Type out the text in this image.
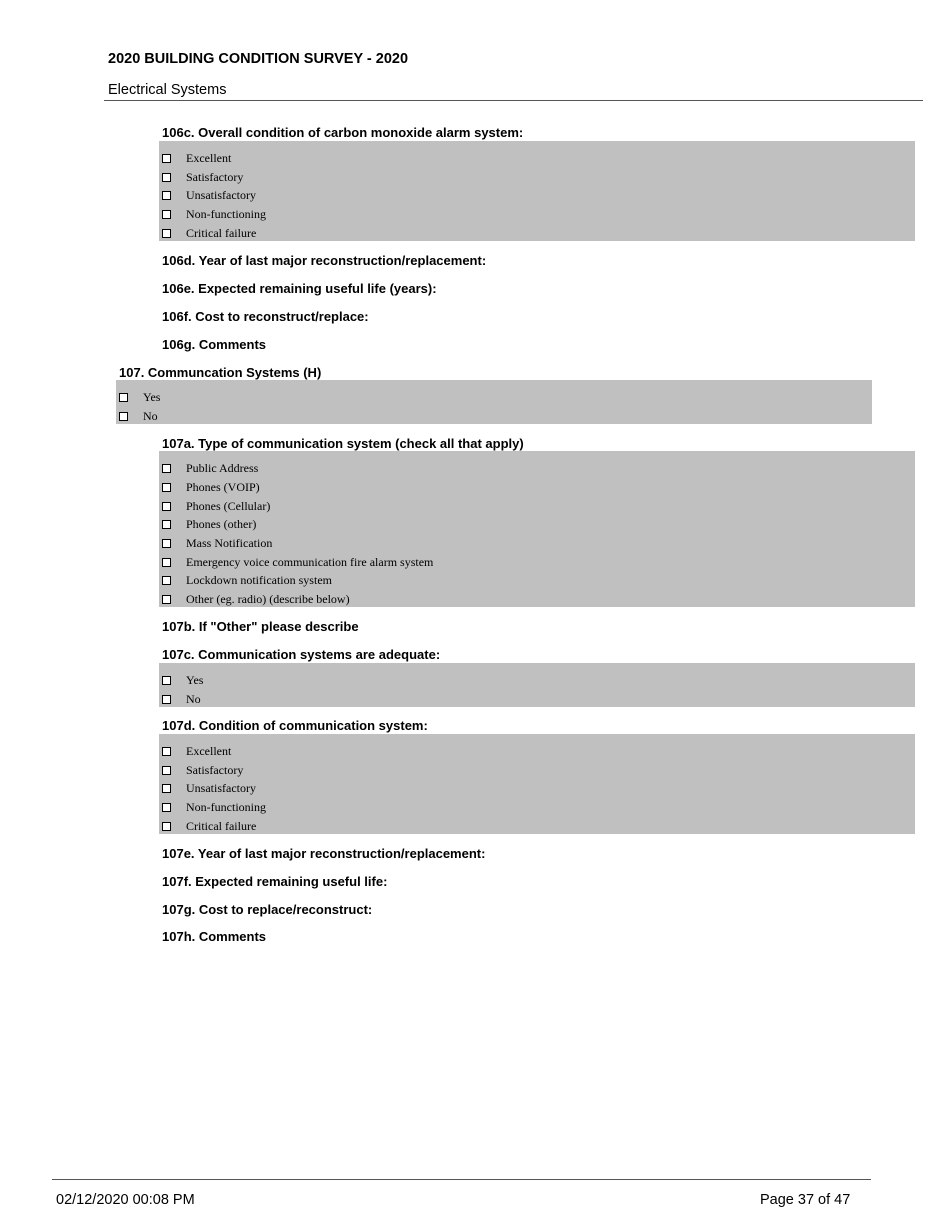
2020 BUILDING CONDITION SURVEY - 2020
Electrical Systems
106c. Overall condition of carbon monoxide alarm system:
Excellent
Satisfactory
Unsatisfactory
Non-functioning
Critical failure
106d. Year of last major reconstruction/replacement:
106e. Expected remaining useful life (years):
106f. Cost to reconstruct/replace:
106g. Comments
107. Communcation Systems (H)
Yes
No
107a. Type of communication system (check all that apply)
Public Address
Phones (VOIP)
Phones (Cellular)
Phones (other)
Mass Notification
Emergency voice communication fire alarm system
Lockdown notification system
Other (eg. radio) (describe below)
107b. If "Other" please describe
107c. Communication systems are adequate:
Yes
No
107d. Condition of communication system:
Excellent
Satisfactory
Unsatisfactory
Non-functioning
Critical failure
107e. Year of last major reconstruction/replacement:
107f. Expected remaining useful life:
107g. Cost to replace/reconstruct:
107h. Comments
02/12/2020 00:08 PM	Page 37 of 47
